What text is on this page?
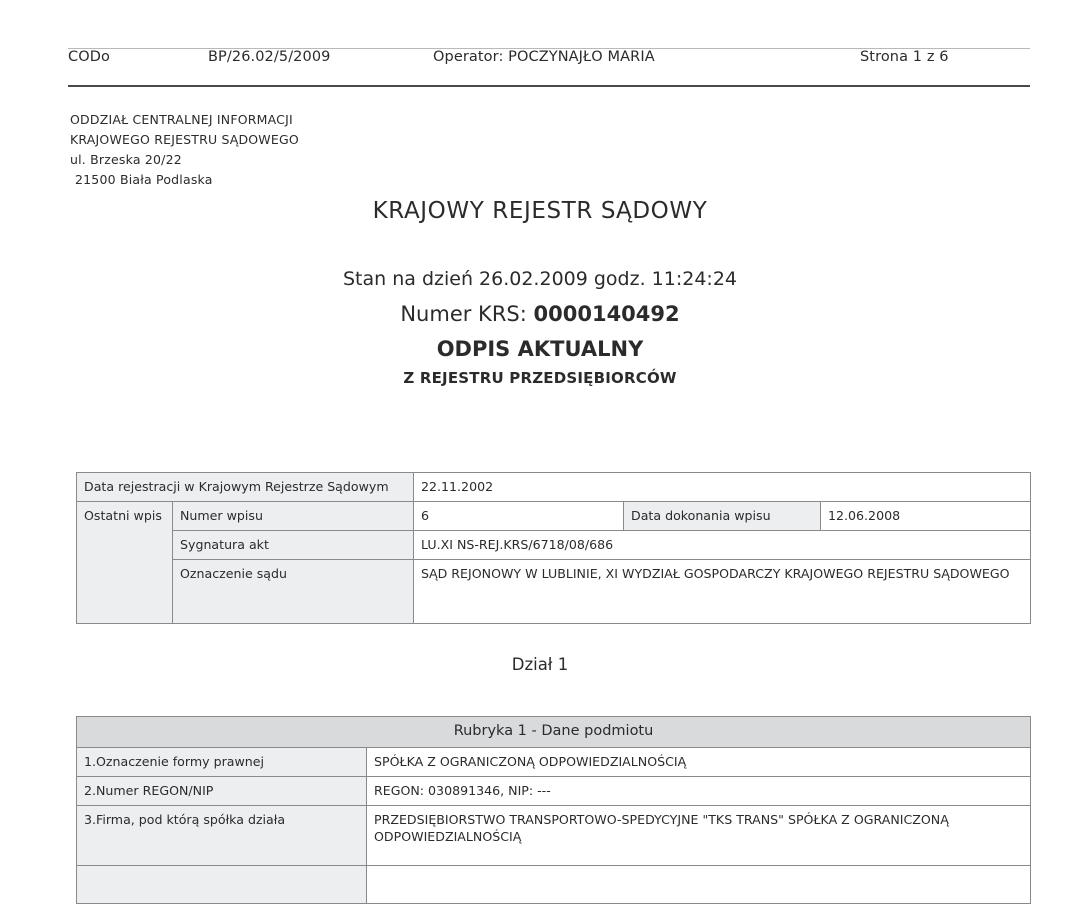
CODo	BP/26.02/5/2009	Operator: POCZYNAJŁO MARIA	Strona 1 z 6
ODDZIAŁ CENTRALNEJ INFORMACJI
KRAJOWEGO REJESTRU SĄDOWEGO
ul. Brzeska 20/22
21500 Biała Podlaska
KRAJOWY REJESTR SĄDOWY
Stan na dzień 26.02.2009 godz. 11:24:24
Numer KRS: 0000140492
ODPIS AKTUALNY
Z REJESTRU PRZEDSIĘBIORCÓW
Data rejestracji w Krajowym Rejestrze Sądowym		22.11.2002		
Ostatni wpis	Numer wpisu	6	Data dokonania wpisu	12.06.2008
	Sygnatura akt	LU.XI NS-REJ.KRS/6718/08/686		
	Oznaczenie sądu	SĄD REJONOWY W LUBLINIE, XI WYDZIAŁ GOSPODARCZY KRAJOWEGO REJESTRU SĄDOWEGO		
Dział 1
Rubryka 1 - Dane podmiotu	
1.Oznaczenie formy prawnej	SPÓŁKA Z OGRANICZONĄ ODPOWIEDZIALNOŚCIĄ
2.Numer REGON/NIP	REGON: 030891346, NIP: ---
3.Firma, pod którą spółka działa	PRZEDSIĘBIORSTWO TRANSPORTOWO-SPEDYCYJNE "TKS TRANS" SPÓŁKA Z OGRANICZONĄ ODPOWIEDZIALNOŚCIĄ
